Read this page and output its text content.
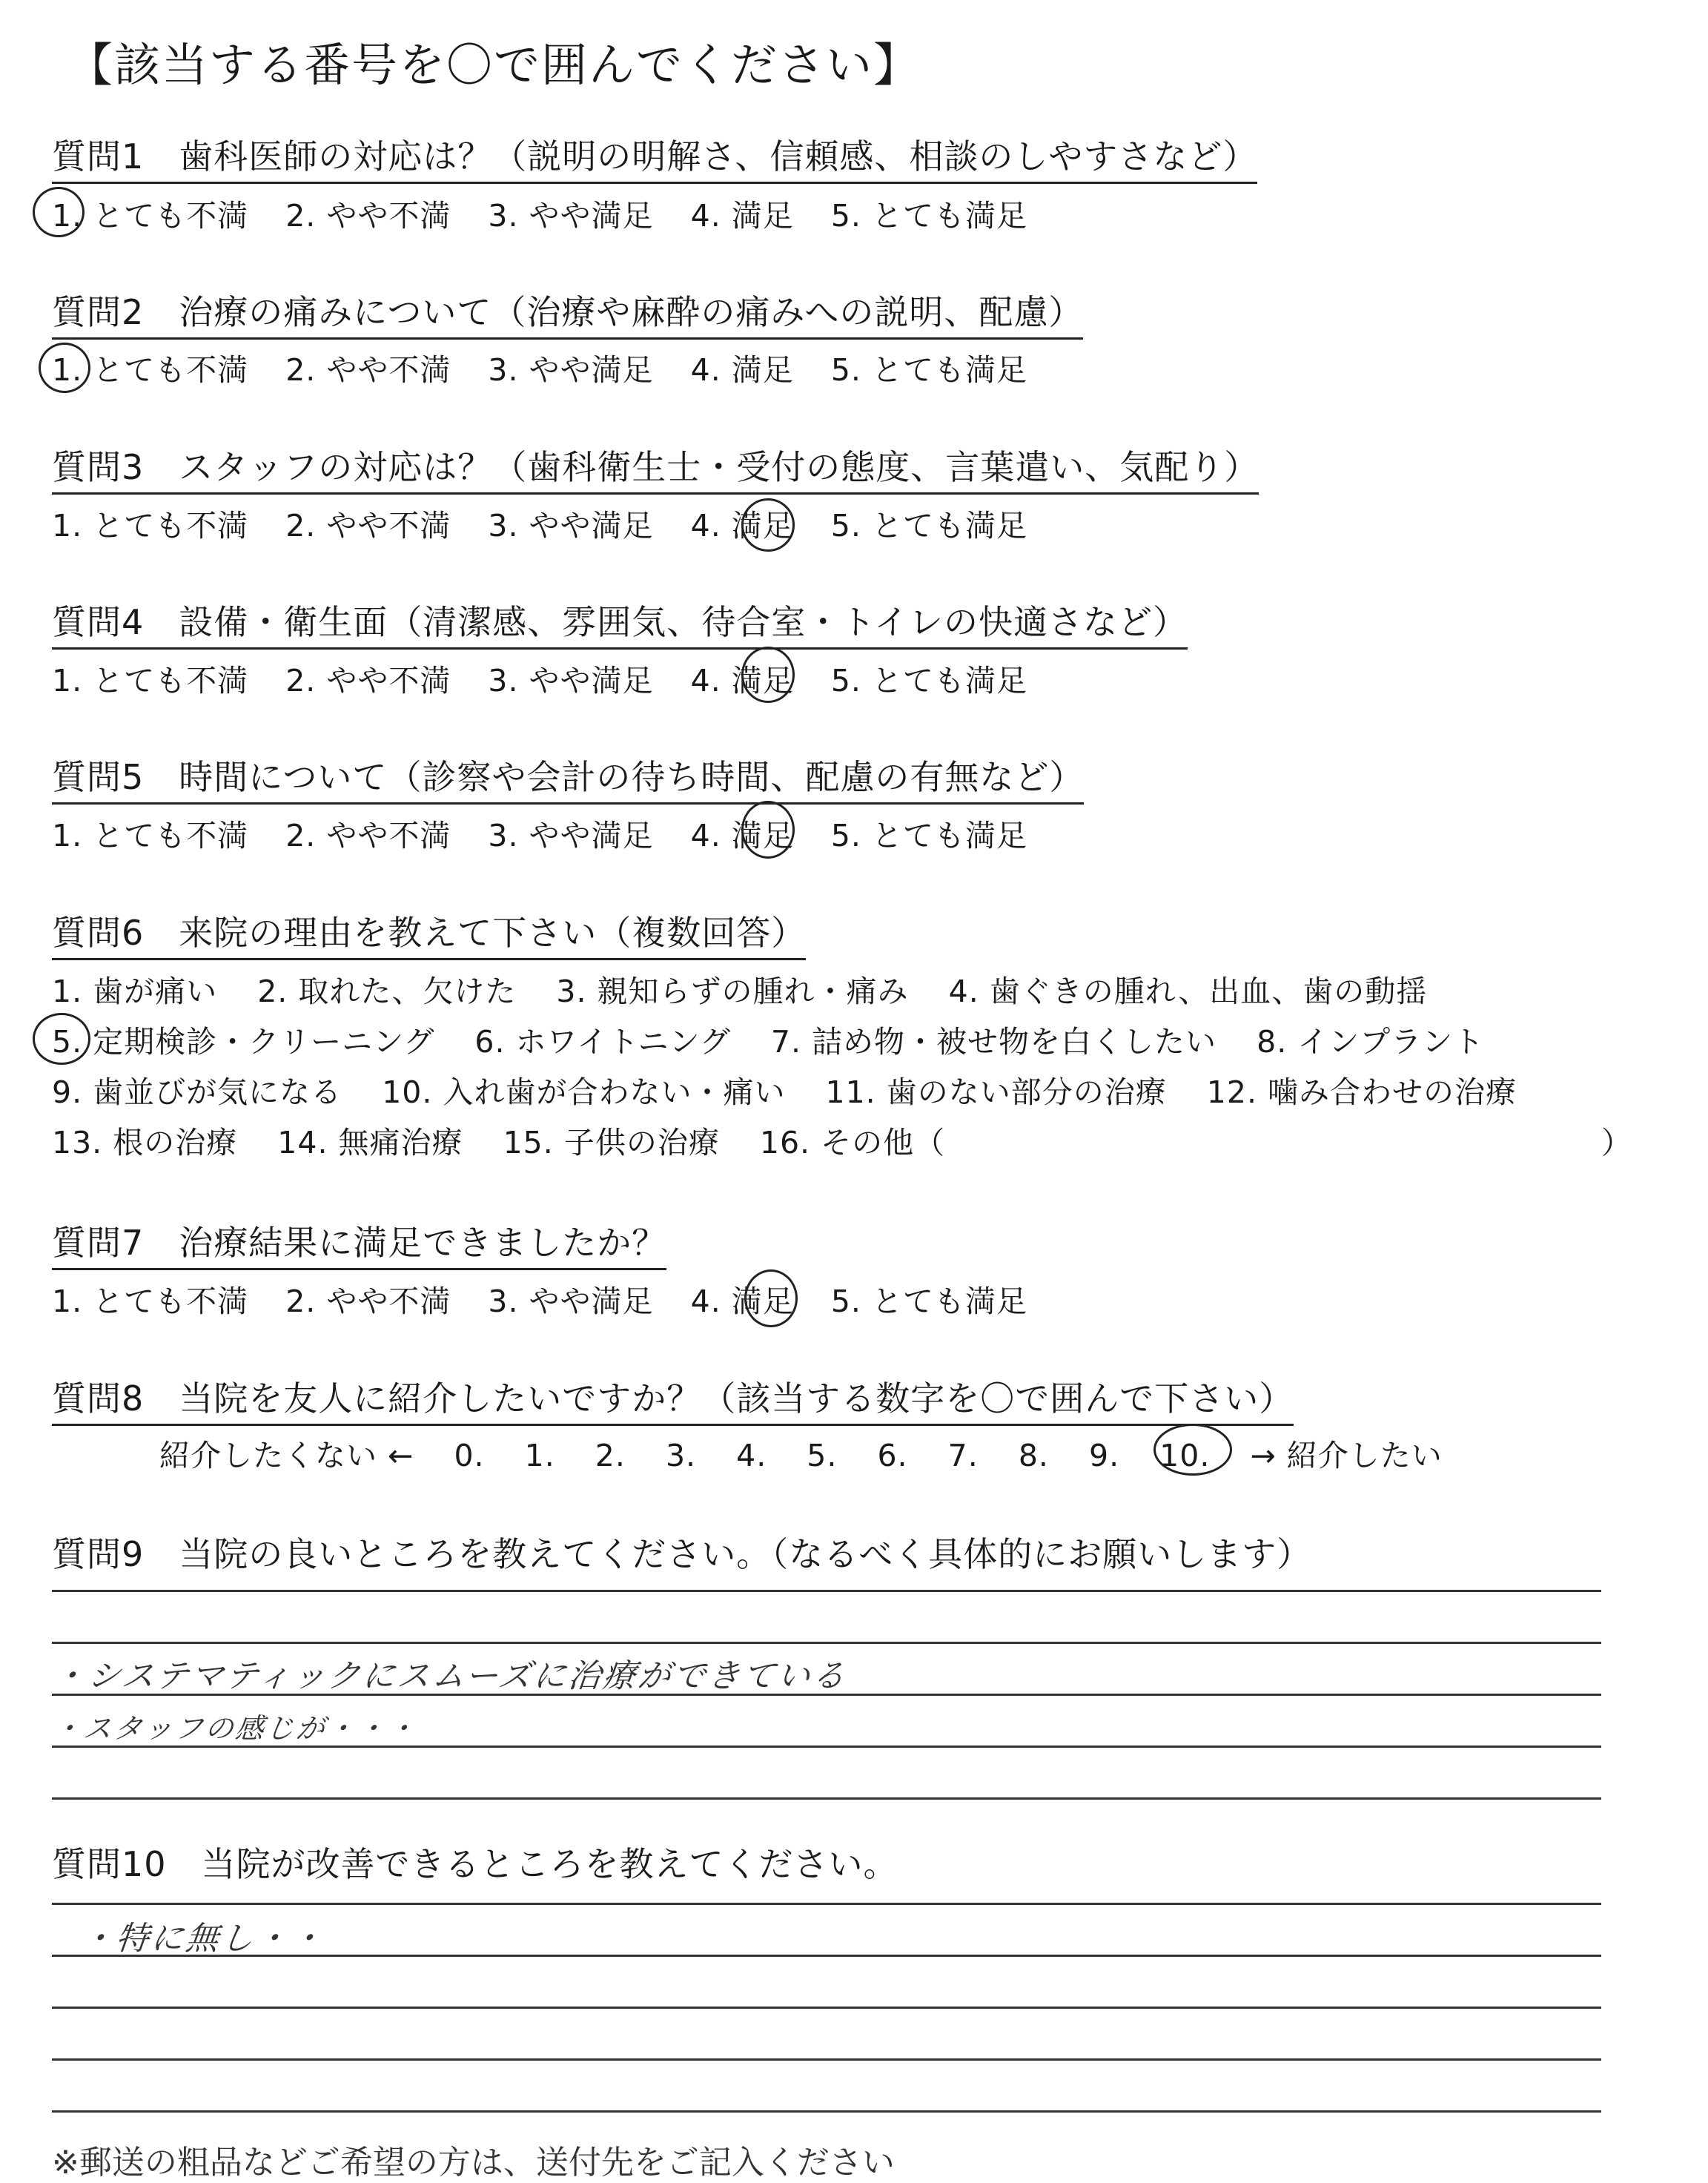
【該当する番号を〇で囲んでください】
質問1　歯科医師の対応は？（説明の明解さ、信頼感、相談のしやすさなど）
1. とても不満 2. やや不満 3. やや満足 4. 満足 5. とても満足
質問2　治療の痛みについて（治療や麻酔の痛みへの説明、配慮）
1. とても不満 2. やや不満 3. やや満足 4. 満足 5. とても満足
質問3　スタッフの対応は？（歯科衛生士・受付の態度、言葉遣い、気配り）
1. とても不満 2. やや不満 3. やや満足 4. 満足 5. とても満足
質問4　設備・衛生面（清潔感、雰囲気、待合室・トイレの快適さなど）
1. とても不満 2. やや不満 3. やや満足 4. 満足 5. とても満足
質問5　時間について（診察や会計の待ち時間、配慮の有無など）
1. とても不満 2. やや不満 3. やや満足 4. 満足 5. とても満足
質問6　来院の理由を教えて下さい（複数回答）
1. 歯が痛い 2. 取れた、欠けた 3. 親知らずの腫れ・痛み 4. 歯ぐきの腫れ、出血、歯の動揺
5. 定期検診・クリーニング 6. ホワイトニング 7. 詰め物・被せ物を白くしたい 8. インプラント
9. 歯並びが気になる 10. 入れ歯が合わない・痛い 11. 歯のない部分の治療 12. 噛み合わせの治療
13. 根の治療 14. 無痛治療 15. 子供の治療 16. その他（	）
質問7　治療結果に満足できましたか？
1. とても不満 2. やや不満 3. やや満足 4. 満足 5. とても満足
質問8　当院を友人に紹介したいですか？（該当する数字を〇で囲んで下さい）
紹介したくない ← 0. 1. 2. 3. 4. 5. 6. 7. 8. 9. 10. → 紹介したい
質問9　当院の良いところを教えてください。（なるべく具体的にお願いします）
・システマティックにスムーズに治療ができている
・スタッフの感じが・・・
質問10　当院が改善できるところを教えてください。
・特に無し・・
※郵送の粗品などご希望の方は、送付先をご記入ください
